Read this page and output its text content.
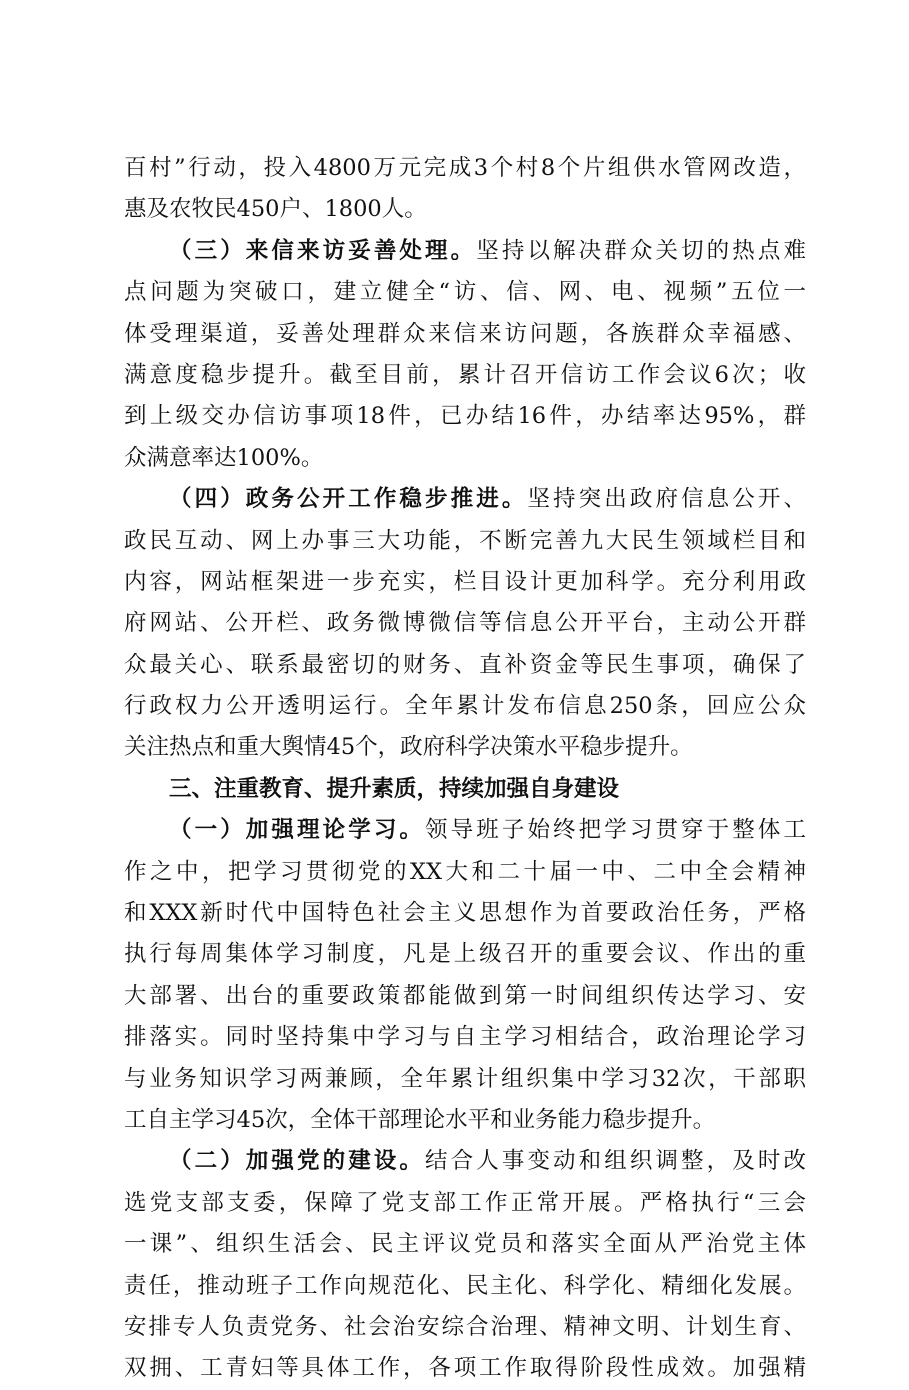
百村”行动，投入4800万元完成3个村8个片组供水管网改造，
惠及农牧民450户、1800人。
（三）来信来访妥善处理。坚持以解决群众关切的热点难
点问题为突破口，建立健全“访、信、网、电、视频”五位一
体受理渠道，妥善处理群众来信来访问题，各族群众幸福感、
满意度稳步提升。截至目前，累计召开信访工作会议6次；收
到上级交办信访事项18件，已办结16件，办结率达95%，群
众满意率达100%。
（四）政务公开工作稳步推进。坚持突出政府信息公开、
政民互动、网上办事三大功能，不断完善九大民生领域栏目和
内容，网站框架进一步充实，栏目设计更加科学。充分利用政
府网站、公开栏、政务微博微信等信息公开平台，主动公开群
众最关心、联系最密切的财务、直补资金等民生事项，确保了
行政权力公开透明运行。全年累计发布信息250条，回应公众
关注热点和重大舆情45个，政府科学决策水平稳步提升。
三、注重教育、提升素质，持续加强自身建设
（一）加强理论学习。领导班子始终把学习贯穿于整体工
作之中，把学习贯彻党的XX大和二十届一中、二中全会精神
和XXX新时代中国特色社会主义思想作为首要政治任务，严格
执行每周集体学习制度，凡是上级召开的重要会议、作出的重
大部署、出台的重要政策都能做到第一时间组织传达学习、安
排落实。同时坚持集中学习与自主学习相结合，政治理论学习
与业务知识学习两兼顾，全年累计组织集中学习32次，干部职
工自主学习45次，全体干部理论水平和业务能力稳步提升。
（二）加强党的建设。结合人事变动和组织调整，及时改
选党支部支委，保障了党支部工作正常开展。严格执行“三会
一课”、组织生活会、民主评议党员和落实全面从严治党主体
责任，推动班子工作向规范化、民主化、科学化、精细化发展。
安排专人负责党务、社会治安综合治理、精神文明、计划生育、
双拥、工青妇等具体工作，各项工作取得阶段性成效。加强精
